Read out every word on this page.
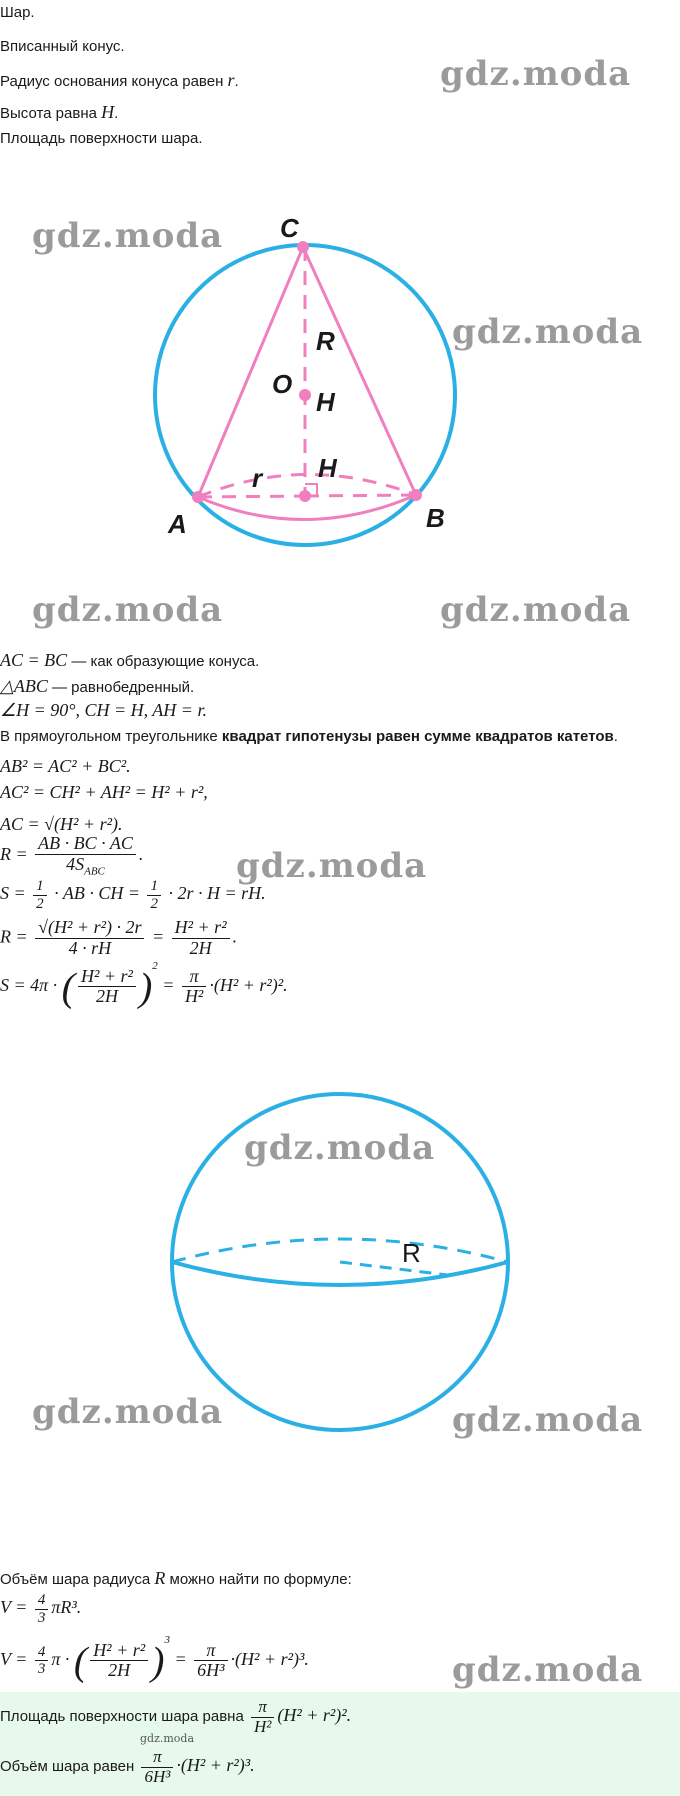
Шар.
Вписанный конус.
Радиус основания конуса равен r.
Высота равна H.
Площадь поверхности шара.
gdz.moda
gdz.moda
gdz.moda
gdz.moda	gdz.moda
gdz.moda
gdz.moda
gdz.moda	gdz.moda
gdz.moda
C
R
O
H
r H
A	B
AC = BC — как образующие конуса.
△ABC — равнобедренный.
∠H = 90°, CH = H, AH = r.
В прямоугольном треугольнике квадрат гипотенузы равен сумме квадратов катетов.
AB² = AC² + BC².
AC² = CH² + AH² = H² + r²,
AC = √(H² + r²).
$R = \frac{AB \cdot BC \cdot AC}{4S_{ABC}}$ .
$S = \frac{1}{2}$ · AB · CH = $\frac{1}{2} \cdot 2r \cdot H$ = rH.
$R = \frac{\text{√(H² + r²) · 2r}}{4 \cdot rH} = \frac{\text{H² + r²}}{2H}$ .
S = 4π · ( $\frac{\text{H² + r²}}{2H} )^2 = \frac{\pi}{\text{H²}} \cdot(H^2 + r^2)^2$.
R
Объём шара радиуса R можно найти по формуле:
$V = \frac{4}{3} \pi R^3$.
$V = \frac{4}{3}$ π · ( $\frac{\text{H² + r²}}{2H} )^3 = \frac{\pi}{\text{6H³}} \cdot(H^2 + r^2)^3$.
Площадь поверхности шара равна $\frac{\pi}{\text{H²}} (H^2 + r^2)^2$.
gdz.moda
Объём шара равен $\frac{\pi}{\text{6H³}} \cdot(H^2 + r^2)^3$.
